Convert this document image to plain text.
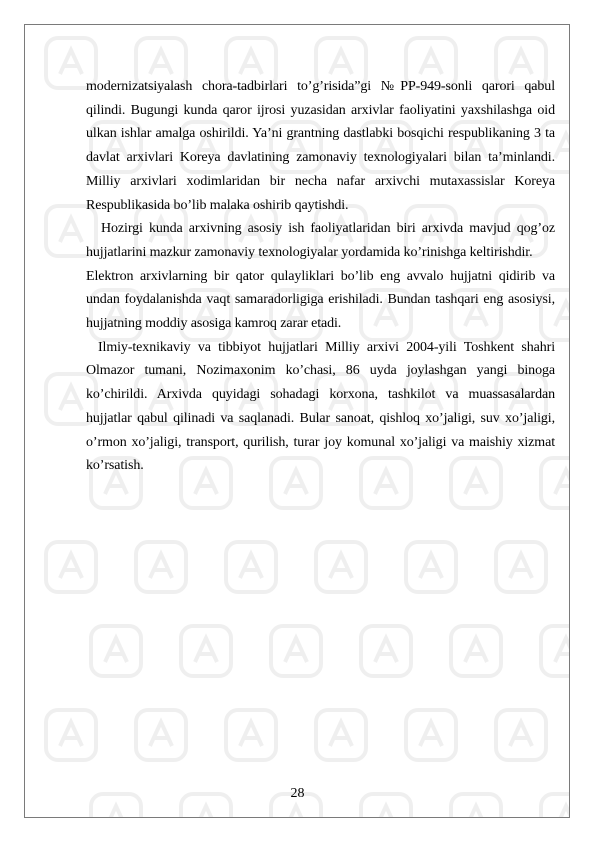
modernizatsiyalash chora-tadbirlari to’g’risida”gi №PP-949-sonli qarori qabul qilindi. Bugungi kunda qaror ijrosi yuzasidan arxivlar faoliyatini yaxshilashga oid ulkan ishlar amalga oshirildi. Ya’ni grantning dastlabki bosqichi respublikaning 3 ta davlat arxivlari Koreya davlatining zamonaviy texnologiyalari bilan ta’minlandi. Milliy arxivlari xodimlaridan bir necha nafar arxivchi mutaxassislar Koreya Respublikasida bo’lib malaka oshirib qaytishdi.

Hozirgi kunda arxivning asosiy ish faoliyatlaridan biri arxivda mavjud qog’oz hujjatlarini mazkur zamonaviy texnologiyalar yordamida ko’rinishga keltirishdir.

Elektron arxivlarning bir qator qulayliklari bo’lib eng avvalo hujjatni qidirib va undan foydalanishda vaqt samaradorligiga erishiladi. Bundan tashqari eng asosiysi, hujjatning moddiy asosiga kamroq zarar etadi.

Ilmiy-texnikaviy va tibbiyot hujjatlari Milliy arxivi 2004-yili Toshkent shahri Olmazor tumani, Nozimaxonim ko’chasi, 86 uyda joylashgan yangi binoga ko’chirildi. Arxivda quyidagi sohadagi korxona, tashkilot va muassasalardan hujjatlar qabul qilinadi va saqlanadi. Bular sanoat, qishloq xo’jaligi, suv xo’jaligi, o’rmon xo’jaligi, transport, qurilish, turar joy komunal xo’jaligi va maishiy xizmat ko’rsatish.

28
